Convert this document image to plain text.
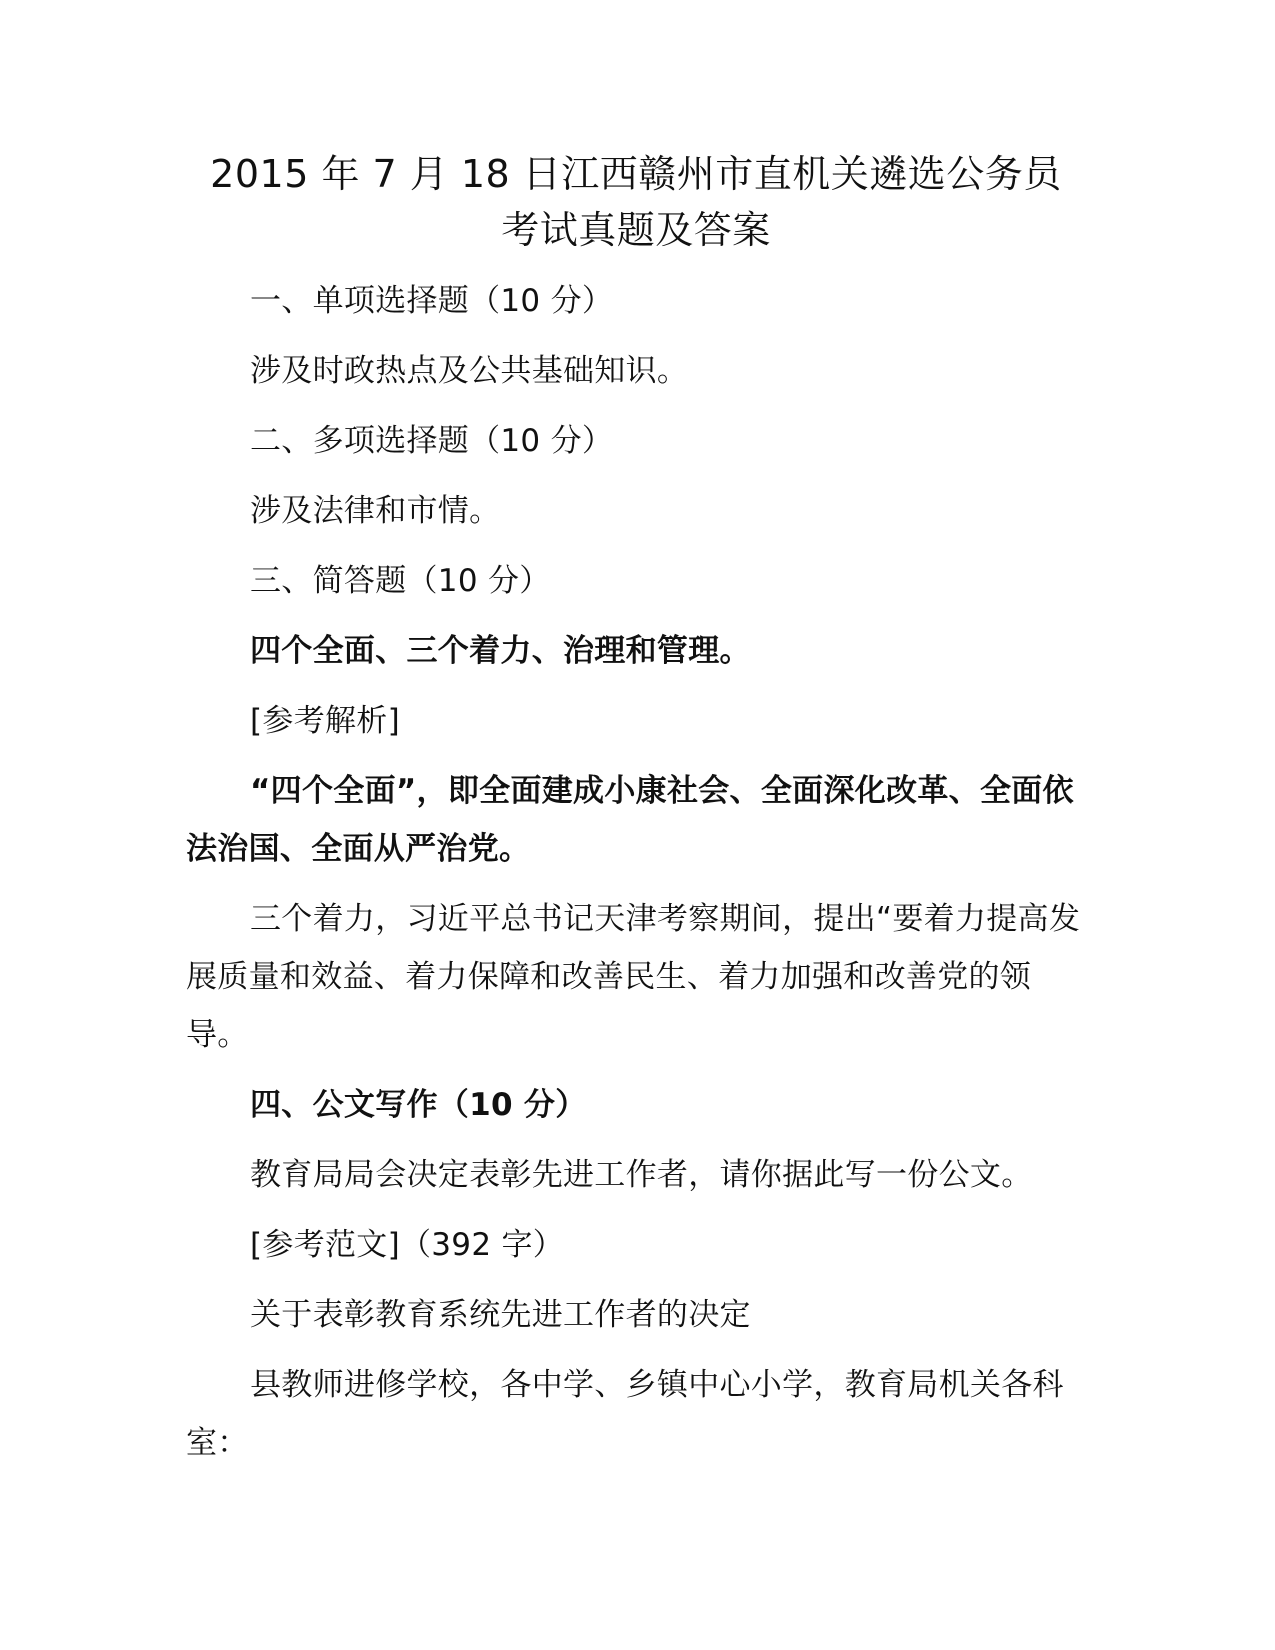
2015 年 7 月 18 日江西赣州市直机关遴选公务员
考试真题及答案

一、单项选择题（10 分）

涉及时政热点及公共基础知识。

二、多项选择题（10 分）

涉及法律和市情。

三、简答题（10 分）

四个全面、三个着力、治理和管理。

[参考解析]

“四个全面”，即全面建成小康社会、全面深化改革、全面依法治国、全面从严治党。

三个着力，习近平总书记天津考察期间，提出“要着力提高发展质量和效益、着力保障和改善民生、着力加强和改善党的领导。

四、公文写作（10 分）

教育局局会决定表彰先进工作者，请你据此写一份公文。

[参考范文]（392 字）

关于表彰教育系统先进工作者的决定

县教师进修学校，各中学、乡镇中心小学，教育局机关各科室：
